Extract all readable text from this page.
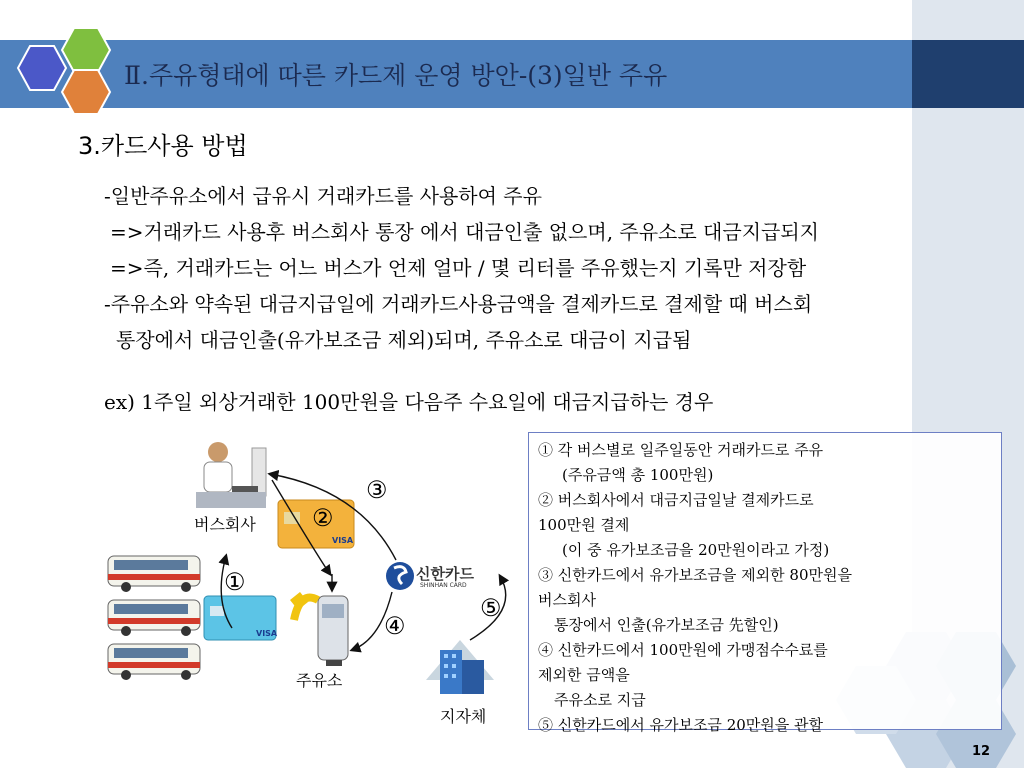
Ⅱ.주유형태에 따른 카드제 운영 방안-(3)일반 주유
3.카드사용 방법
-일반주유소에서 급유시 거래카드를 사용하여 주유
=>거래카드 사용후 버스회사 통장 에서 대금인출 없으며, 주유소로 대금지급되지
=>즉, 거래카드는 어느 버스가 언제 얼마 / 몇 리터를 주유했는지 기록만 저장함
-주유소와 약속된 대금지급일에 거래카드사용금액을 결제카드로 결제할 때 버스회
통장에서 대금인출(유가보조금 제외)되며, 주유소로 대금이 지급됨
ex) 1주일 외상거래한 100만원을 다음주 수요일에 대금지급하는 경우
VISA
VISA
신한카드
SHINHAN CARD
버스회사
주유소
지자체
③
②
①
⑤
④
① 각 버스별로 일주일동안 거래카드로 주유
(주유금액 총 100만원)
② 버스회사에서 대금지급일날 결제카드로
100만원 결제
(이 중 유가보조금을 20만원이라고 가정)
③ 신한카드에서 유가보조금을 제외한 80만원을
버스회사
통장에서 인출(유가보조금 先할인)
④ 신한카드에서 100만원에 가맹점수수료를
제외한 금액을
주유소로 지급
⑤ 신한카드에서 유가보조금 20만원을 관할
12
